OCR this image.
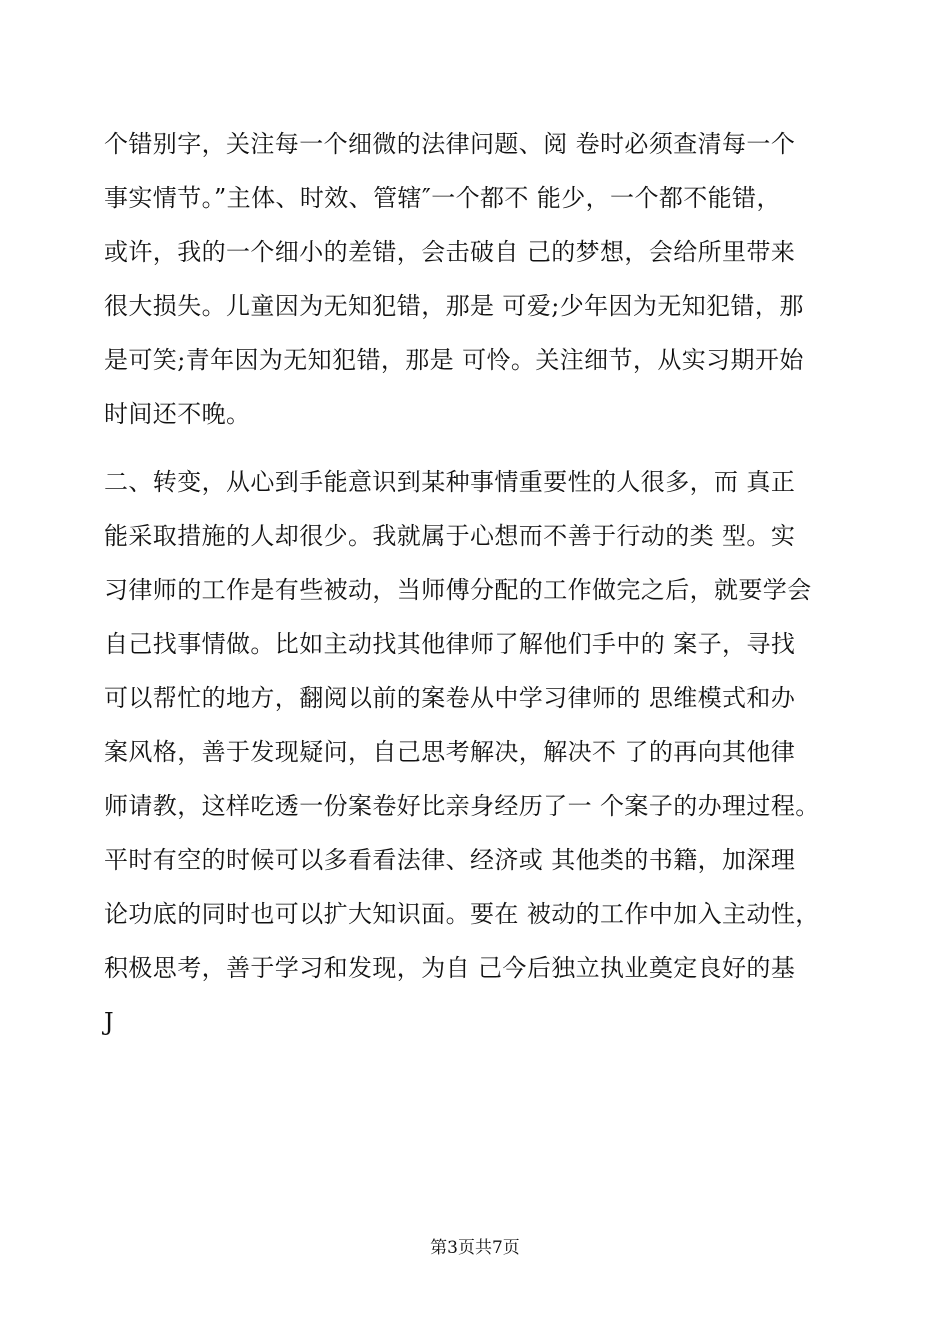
个错别字，关注每一个细微的法律问题、阅 卷时必须查清每一个
事实情节。”主体、时效、管辖″一个都不 能少，一个都不能错，
或许，我的一个细小的差错，会击破自 己的梦想，会给所里带来
很大损失。儿童因为无知犯错，那是 可爱;少年因为无知犯错，那
是可笑;青年因为无知犯错，那是 可怜。关注细节，从实习期开始
时间还不晚。
二、转变，从心到手能意识到某种事情重要性的人很多，而 真正
能采取措施的人却很少。我就属于心想而不善于行动的类 型。实
习律师的工作是有些被动，当师傅分配的工作做完之后，就要学会
自己找事情做。比如主动找其他律师了解他们手中的 案子，寻找
可以帮忙的地方，翻阅以前的案卷从中学习律师的 思维模式和办
案风格，善于发现疑问，自己思考解决，解决不 了的再向其他律
师请教，这样吃透一份案卷好比亲身经历了一 个案子的办理过程。
平时有空的时候可以多看看法律、经济或 其他类的书籍，加深理
论功底的同时也可以扩大知识面。要在 被动的工作中加入主动性，
积极思考，善于学习和发现，为自 己今后独立执业奠定良好的基
J
第3页共7页
